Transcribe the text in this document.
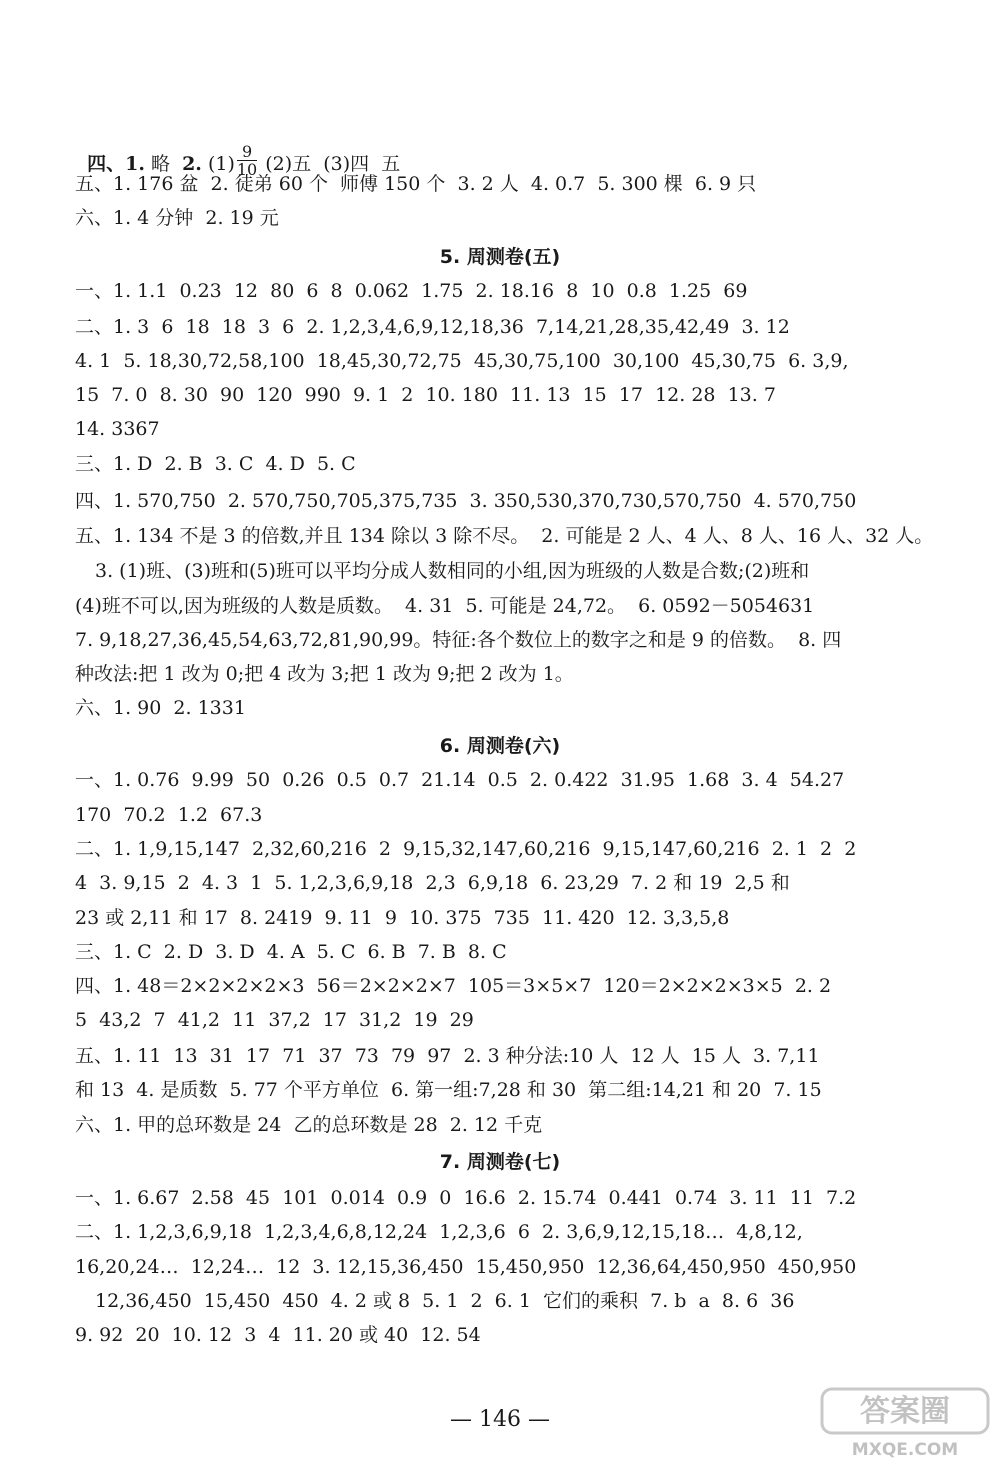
四、1. 略  2. $(1) \frac{9}{10} (2)$五  (3)四  五

五、1. 176 盆  2. 徒弟 60 个  师傅 150 个  3. 2 人  4. 0.7  5. 300 棵  6. 9 只
六、1. 4 分钟  2. 19 元
5. 周测卷(五)
一、1. 1.1  0.23  12  80  6  8  0.062  1.75  2. 18.16  8  10  0.8  1.25  69
二、1. 3  6  18  18  3  6  2. 1,2,3,4,6,9,12,18,36  7,14,21,28,35,42,49  3. 12
4. 1  5. 18,30,72,58,100  18,45,30,72,75  45,30,75,100  30,100  45,30,75  6. 3,9,
15  7. 0  8. 30  90  120  990  9. 1  2  10. 180  11. 13  15  17  12. 28  13. 7
14. 3367
三、1. D  2. B  3. C  4. D  5. C
四、1. 570,750  2. 570,750,705,375,735  3. 350,530,370,730,570,750  4. 570,750
五、1. 134 不是 3 的倍数,并且 134 除以 3 除不尽。  2. 可能是 2 人、4 人、8 人、16 人、32 人。
3. (1)班、(3)班和(5)班可以平均分成人数相同的小组,因为班级的人数是合数;(2)班和
(4)班不可以,因为班级的人数是质数。  4. 31  5. 可能是 24,72。  6. 0592－5054631
7. 9,18,27,36,45,54,63,72,81,90,99。特征:各个数位上的数字之和是 9 的倍数。  8. 四
种改法:把 1 改为 0;把 4 改为 3;把 1 改为 9;把 2 改为 1。
六、1. 90  2. 1331
6. 周测卷(六)
一、1. 0.76  9.99  50  0.26  0.5  0.7  21.14  0.5  2. 0.422  31.95  1.68  3. 4  54.27
170  70.2  1.2  67.3
二、1. 1,9,15,147  2,32,60,216  2  9,15,32,147,60,216  9,15,147,60,216  2. 1  2  2
4  3. 9,15  2  4. 3  1  5. 1,2,3,6,9,18  2,3  6,9,18  6. 23,29  7. 2 和 19  2,5 和
23 或 2,11 和 17  8. 2419  9. 11  9  10. 375  735  11. 420  12. 3,3,5,8
三、1. C  2. D  3. D  4. A  5. C  6. B  7. B  8. C
四、1. 48＝2×2×2×2×3  56＝2×2×2×7  105＝3×5×7  120＝2×2×2×3×5  2. 2
5  43,2  7  41,2  11  37,2  17  31,2  19  29
五、1. 11  13  31  17  71  37  73  79  97  2. 3 种分法:10 人  12 人  15 人  3. 7,11
和 13  4. 是质数  5. 77 个平方单位  6. 第一组:7,28 和 30  第二组:14,21 和 20  7. 15
六、1. 甲的总环数是 24  乙的总环数是 28  2. 12 千克
7. 周测卷(七)
一、1. 6.67  2.58  45  101  0.014  0.9  0  16.6  2. 15.74  0.441  0.74  3. 11  11  7.2
二、1. 1,2,3,6,9,18  1,2,3,4,6,8,12,24  1,2,3,6  6  2. 3,6,9,12,15,18…  4,8,12,
16,20,24…  12,24…  12  3. 12,15,36,450  15,450,950  12,36,64,450,950  450,950
12,36,450  15,450  450  4. 2 或 8  5. 1  2  6. 1  它们的乘积  7. b  a  8. 6  36
9. 92  20  10. 12  3  4  11. 20 或 40  12. 54
— 146 —	答案圈
MXQE.COM
